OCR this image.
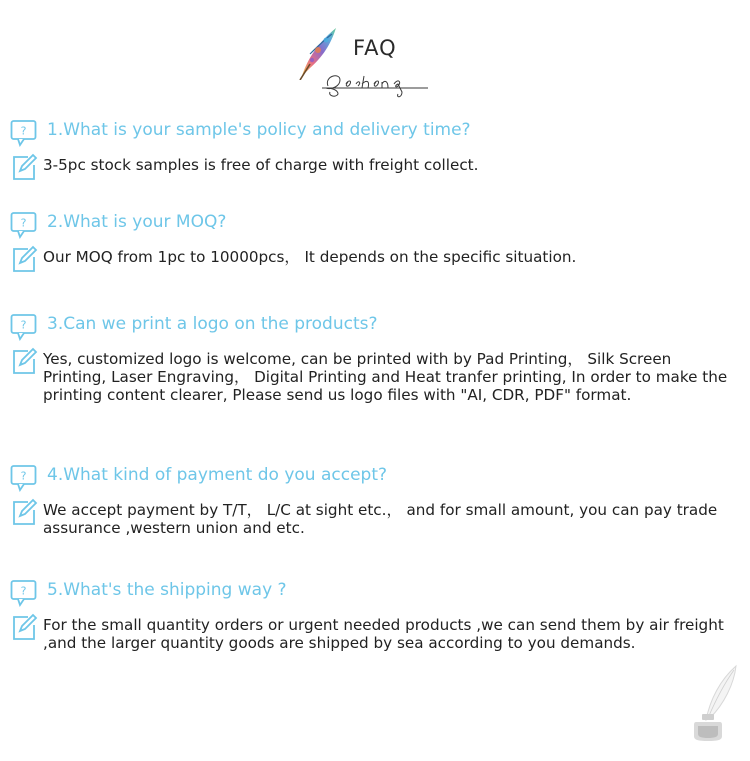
FAQ
? 1.What is your sample's policy and delivery time?
3-5pc stock samples is free of charge with freight collect.
? 2.What is your MOQ?
Our MOQ from 1pc to 10000pcs， It depends on the specific situation.
? 3.Can we print a logo on the products?
Yes, customized logo is welcome, can be printed with by Pad Printing， Silk Screen Printing, Laser Engraving， Digital Printing and Heat tranfer printing, In order to make the printing content clearer, Please send us logo files with "AI, CDR, PDF" format.
? 4.What kind of payment do you accept?
We accept payment by T/T， L/C at sight etc.， and for small amount, you can pay trade assurance ,western union and etc.
? 5.What's the shipping way ?
For the small quantity orders or urgent needed products ,we can send them by air freight ,and the larger quantity goods are shipped by sea according to you demands.
